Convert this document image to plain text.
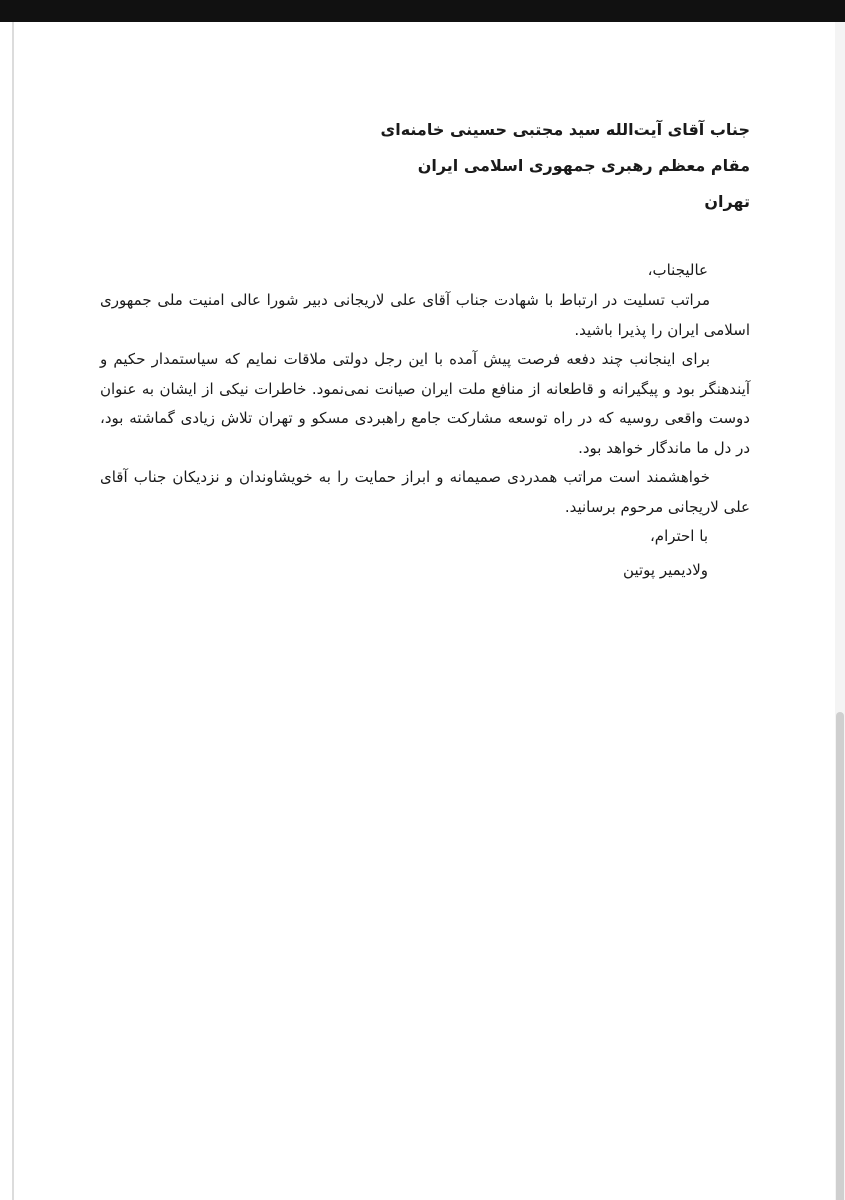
جناب آقای آیت‌الله سید مجتبی حسینی خامنه‌ای
مقام معظم رهبری جمهوری اسلامی ایران
تهران
عالیجناب،
مراتب تسلیت در ارتباط با شهادت جناب آقای علی لاریجانی دبیر شورا عالی امنیت ملی جمهوری اسلامی ایران را پذیرا باشید.
برای اینجانب چند دفعه فرصت پیش آمده با این رجل دولتی ملاقات نمایم که سیاستمدار حکیم و آیندهنگر بود و پیگیرانه و قاطعانه از منافع ملت ایران صیانت نمی‌نمود. خاطرات نیکی از ایشان به عنوان دوست واقعی روسیه که در راه توسعه مشارکت جامع راهبردی مسکو و تهران تلاش زیادی گماشته بود، در دل ما ماندگار خواهد بود.
خواهشمند است مراتب همدردی صمیمانه و ابراز حمایت را به خویشاوندان و نزدیکان جناب آقای علی لاریجانی مرحوم برسانید.
با احترام،
ولادیمیر پوتین
